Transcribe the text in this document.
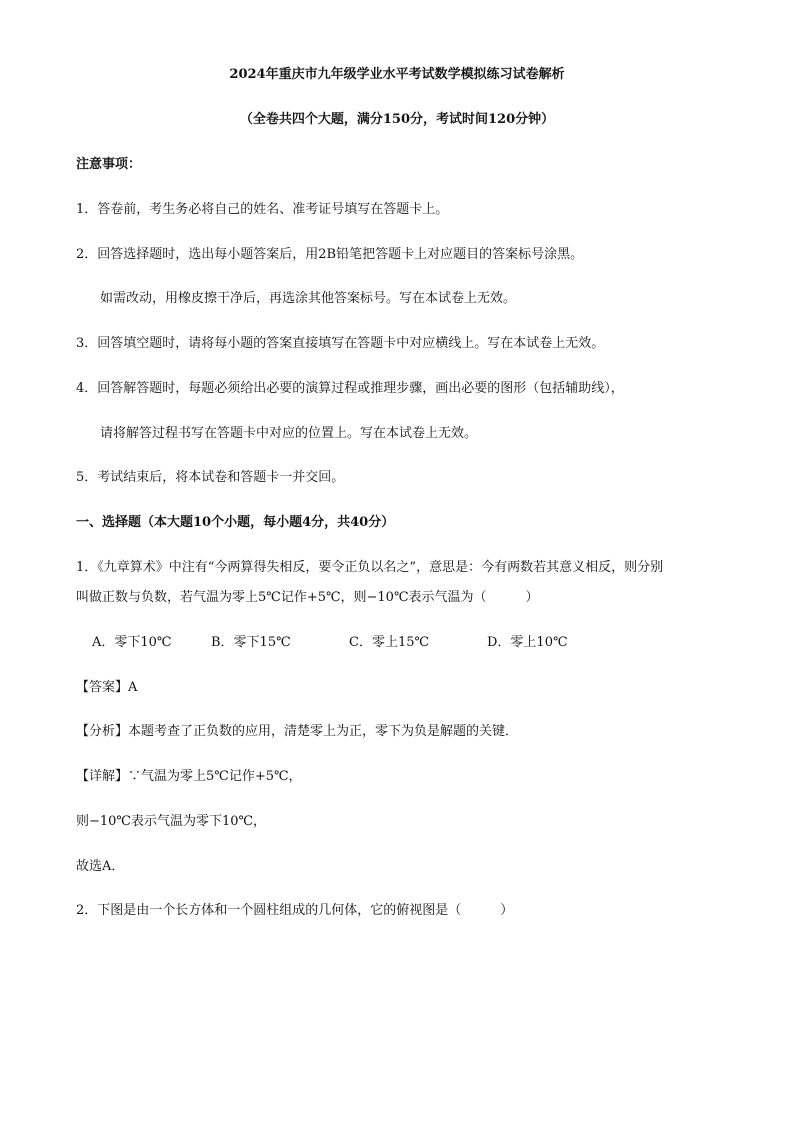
2024年重庆市九年级学业水平考试数学模拟练习试卷解析
（全卷共四个大题，满分150分，考试时间120分钟）
注意事项：
1．答卷前，考生务必将自己的姓名、准考证号填写在答题卡上。
2．回答选择题时，选出每小题答案后，用2B铅笔把答题卡上对应题目的答案标号涂黑。
如需改动，用橡皮擦干净后，再选涂其他答案标号。写在本试卷上无效。
3．回答填空题时，请将每小题的答案直接填写在答题卡中对应横线上。写在本试卷上无效。
4．回答解答题时，每题必须给出必要的演算过程或推理步骤，画出必要的图形（包括辅助线），
请将解答过程书写在答题卡中对应的位置上。写在本试卷上无效。
5．考试结束后，将本试卷和答题卡一并交回。
一、选择题（本大题10个小题，每小题4分，共40分）
1．《九章算术》中注有“今两算得失相反，要令正负以名之”，意思是：今有两数若其意义相反，则分别
叫做正数与负数，若气温为零上5℃记作+5℃，则−10℃表示气温为（　　　）
A．零下10℃	B．零下15℃	C．零上15℃	D．零上10℃
【答案】A
【分析】本题考查了正负数的应用，清楚零上为正，零下为负是解题的关键．
【详解】∵气温为零上5℃记作+5℃，
则−10℃表示气温为零下10℃，
故选A．
2．下图是由一个长方体和一个圆柱组成的几何体，它的俯视图是（　　　）
